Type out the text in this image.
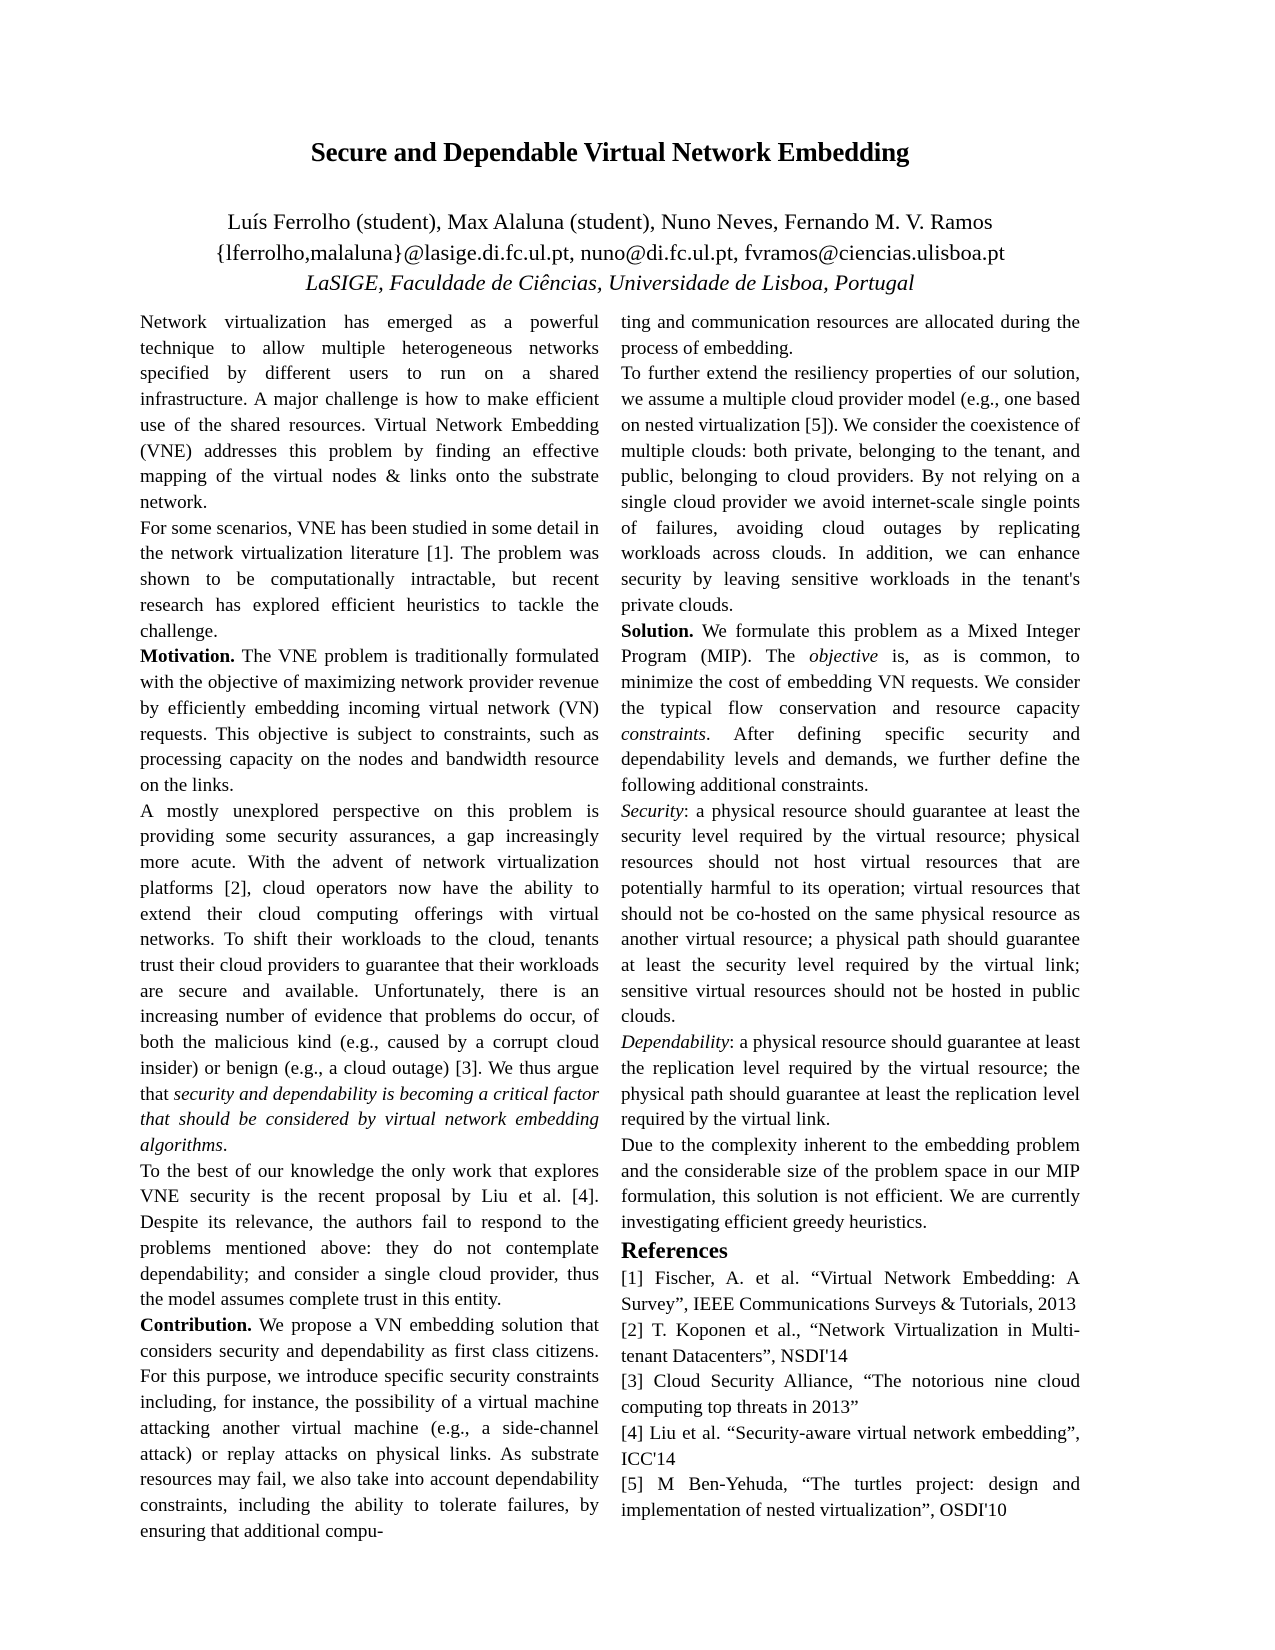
Secure and Dependable Virtual Network Embedding

Luís Ferrolho (student), Max Alaluna (student), Nuno Neves, Fernando M. V. Ramos

{lferrolho,malaluna}@lasige.di.fc.ul.pt, nuno@di.fc.ul.pt, fvramos@ciencias.ulisboa.pt

LaSIGE, Faculdade de Ciências, Universidade de Lisboa, Portugal

Network virtualization has emerged as a powerful technique to allow multiple heterogeneous networks specified by different users to run on a shared infrastructure. A major challenge is how to make efficient use of the shared resources. Virtual Network Embedding (VNE) addresses this problem by finding an effective mapping of the virtual nodes & links onto the substrate network.

For some scenarios, VNE has been studied in some detail in the network virtualization literature [1]. The problem was shown to be computationally intractable, but recent research has explored efficient heuristics to tackle the challenge.

Motivation. The VNE problem is traditionally formulated with the objective of maximizing network provider revenue by efficiently embedding incoming virtual network (VN) requests. This objective is subject to constraints, such as processing capacity on the nodes and bandwidth resource on the links.

A mostly unexplored perspective on this problem is providing some security assurances, a gap increasingly more acute. With the advent of network virtualization platforms [2], cloud operators now have the ability to extend their cloud computing offerings with virtual networks. To shift their workloads to the cloud, tenants trust their cloud providers to guarantee that their workloads are secure and available. Unfortunately, there is an increasing number of evidence that problems do occur, of both the malicious kind (e.g., caused by a corrupt cloud insider) or benign (e.g., a cloud outage) [3]. We thus argue that security and dependability is becoming a critical factor that should be considered by virtual network embedding algorithms.

To the best of our knowledge the only work that explores VNE security is the recent proposal by Liu et al. [4]. Despite its relevance, the authors fail to respond to the problems mentioned above: they do not contemplate dependability; and consider a single cloud provider, thus the model assumes complete trust in this entity.

Contribution. We propose a VN embedding solution that considers security and dependability as first class citizens. For this purpose, we introduce specific security constraints including, for instance, the possibility of a virtual machine attacking another virtual machine (e.g., a side-channel attack) or replay attacks on physical links. As substrate resources may fail, we also take into account dependability constraints, including the ability to tolerate failures, by ensuring that additional compu-

ting and communication resources are allocated during the process of embedding.

To further extend the resiliency properties of our solution, we assume a multiple cloud provider model (e.g., one based on nested virtualization [5]). We consider the coexistence of multiple clouds: both private, belonging to the tenant, and public, belonging to cloud providers. By not relying on a single cloud provider we avoid internet-scale single points of failures, avoiding cloud outages by replicating workloads across clouds. In addition, we can enhance security by leaving sensitive workloads in the tenant's private clouds.

Solution. We formulate this problem as a Mixed Integer Program (MIP). The objective is, as is common, to minimize the cost of embedding VN requests. We consider the typical flow conservation and resource capacity constraints. After defining specific security and dependability levels and demands, we further define the following additional constraints.

Security: a physical resource should guarantee at least the security level required by the virtual resource; physical resources should not host virtual resources that are potentially harmful to its operation; virtual resources that should not be co-hosted on the same physical resource as another virtual resource; a physical path should guarantee at least the security level required by the virtual link; sensitive virtual resources should not be hosted in public clouds.

Dependability: a physical resource should guarantee at least the replication level required by the virtual resource; the physical path should guarantee at least the replication level required by the virtual link.

Due to the complexity inherent to the embedding problem and the considerable size of the problem space in our MIP formulation, this solution is not efficient. We are currently investigating efficient greedy heuristics.

References

[1] Fischer, A. et al. “Virtual Network Embedding: A Survey”, IEEE Communications Surveys & Tutorials, 2013

[2] T. Koponen et al., “Network Virtualization in Multi-tenant Datacenters”, NSDI'14

[3] Cloud Security Alliance, “The notorious nine cloud computing top threats in 2013”

[4] Liu et al. “Security-aware virtual network embedding”, ICC'14

[5] M Ben-Yehuda, “The turtles project: design and implementation of nested virtualization”, OSDI'10
